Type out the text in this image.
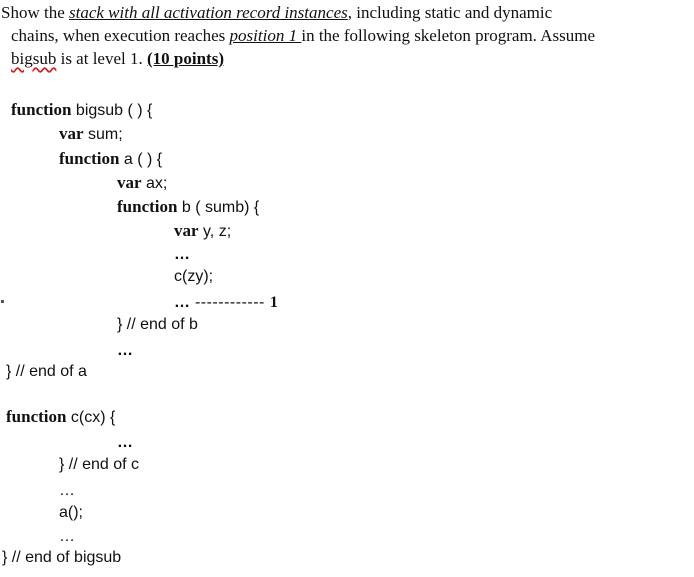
Show the stack with all activation record instances, including static and dynamic
chains, when execution reaches position 1 in the following skeleton program. Assume
bigsub is at level 1. (10 points)
function bigsub ( ) {
var sum;
function a ( ) {
var ax;
function b ( sumb) {
var y, z;
…
c(zy);
… ------------ 1
} // end of b
…
} // end of a
function c(cx) {
…
} // end of c
…
a();
…
} // end of bigsub
